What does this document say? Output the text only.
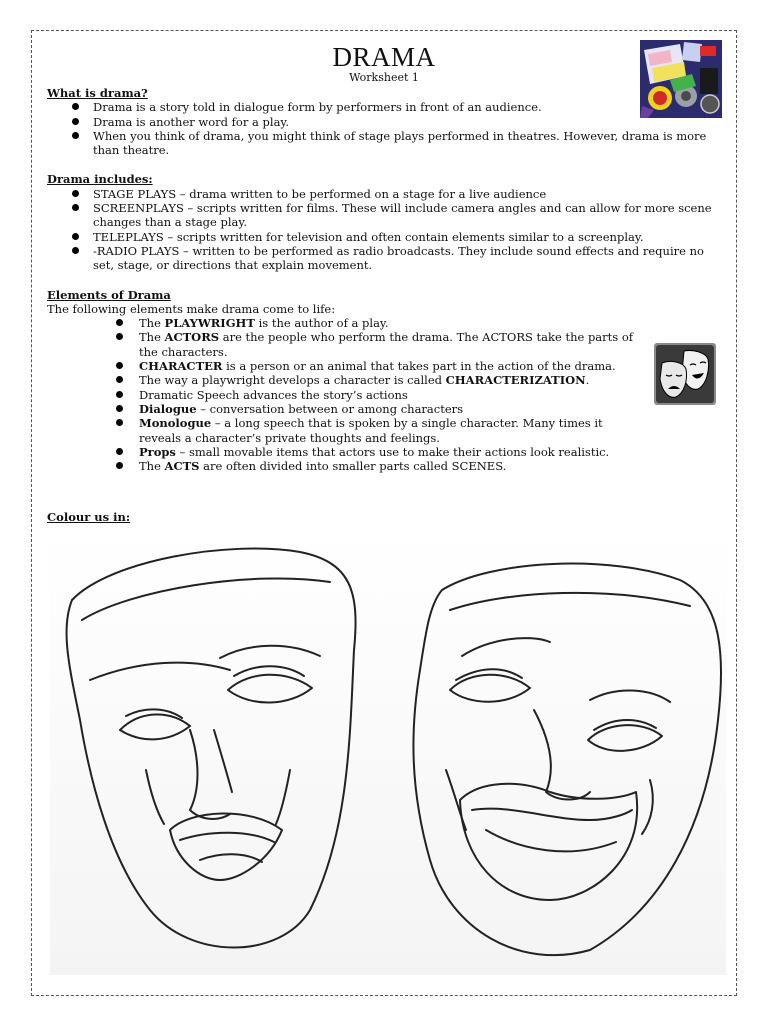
DRAMA
Worksheet 1

What is drama?

Drama is a story told in dialogue form by performers in front of an audience.
Drama is another word for a play.
When you think of drama, you might think of stage plays performed in theatres. However, drama is more than theatre.

Drama includes:

STAGE PLAYS – drama written to be performed on a stage for a live audience
SCREENPLAYS – scripts written for films. These will include camera angles and can allow for more scene changes than a stage play.
TELEPLAYS – scripts written for television and often contain elements similar to a screenplay.
-RADIO PLAYS – written to be performed as radio broadcasts. They include sound effects and require no set, stage, or directions that explain movement.

Elements of Drama

The following elements make drama come to life:

The PLAYWRIGHT is the author of a play.
The ACTORS are the people who perform the drama. The ACTORS take the parts of the characters.
CHARACTER is a person or an animal that takes part in the action of the drama.
The way a playwright develops a character is called CHARACTERIZATION.
Dramatic Speech advances the story’s actions
Dialogue – conversation between or among characters
Monologue – a long speech that is spoken by a single character. Many times it reveals a character’s private thoughts and feelings.
Props – small movable items that actors use to make their actions look realistic.
The ACTS are often divided into smaller parts called SCENES.

Colour us in:
